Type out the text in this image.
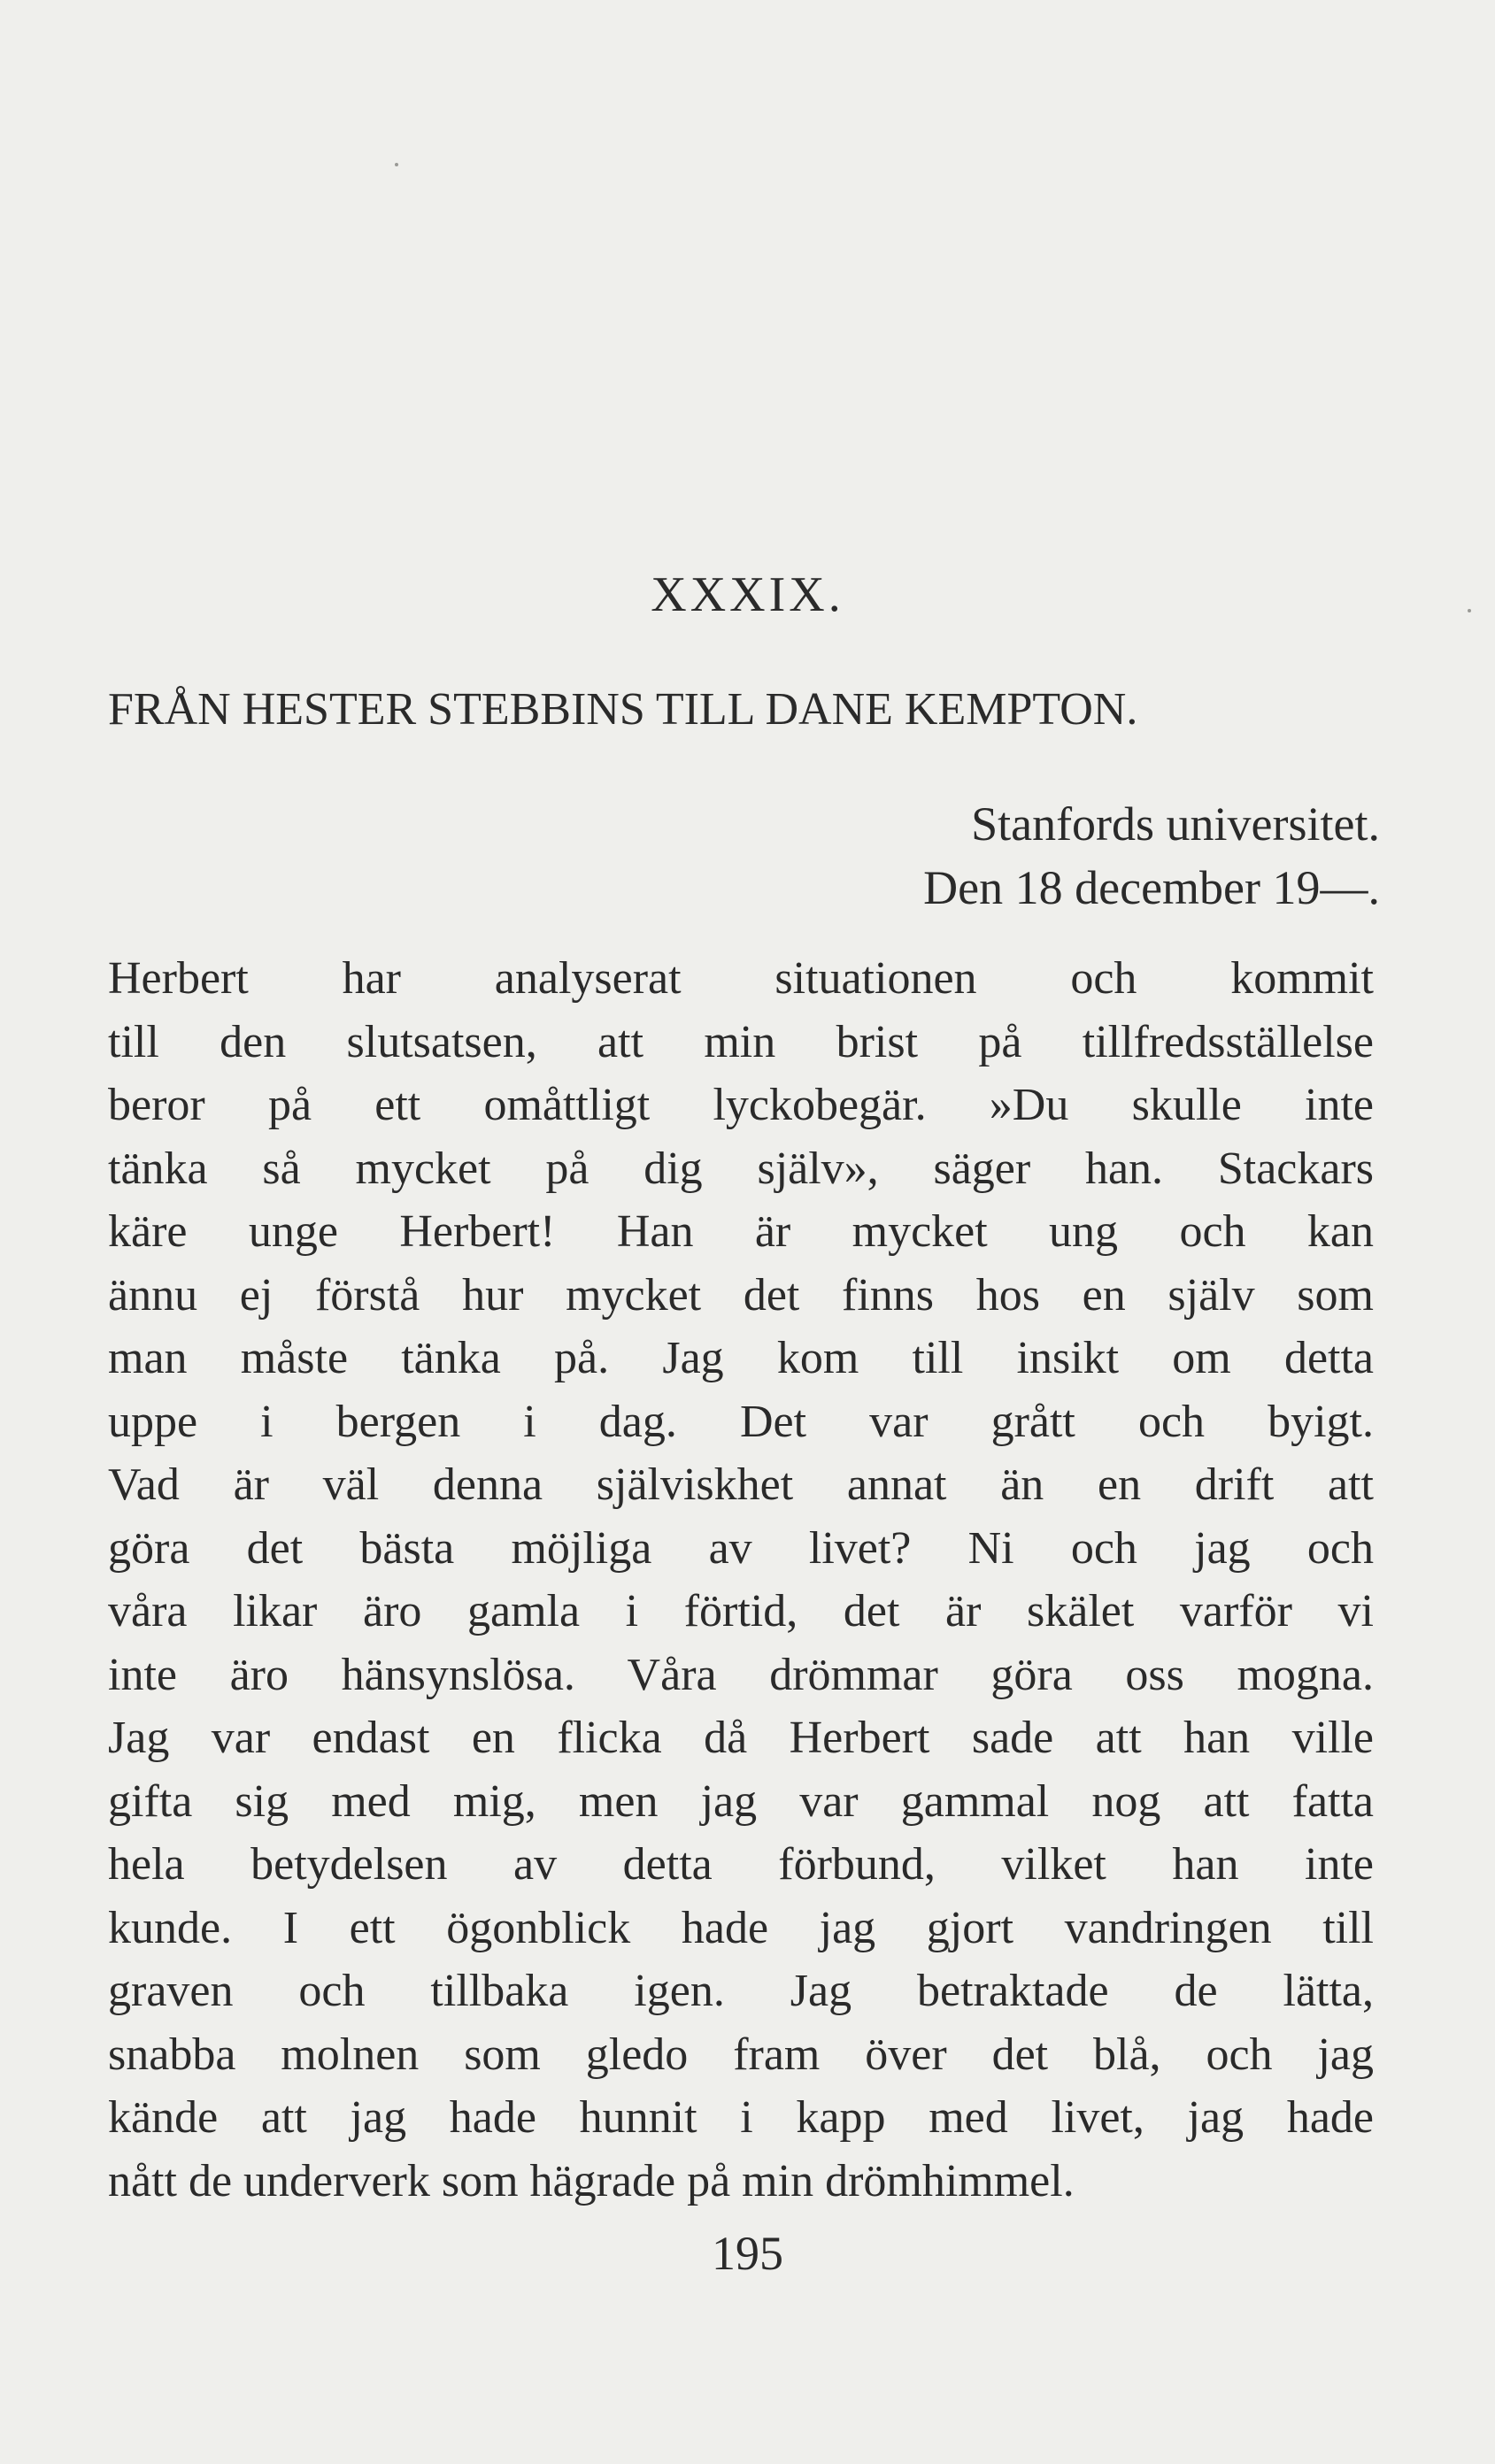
XXXIX.
FRÅN HESTER STEBBINS TILL DANE KEMPTON.
Stanfords universitet.
Den 18 december 19—.
Herbert har analyserat situationen och kommit
till den slutsatsen, att min brist på tillfredsställelse
beror på ett omåttligt lyckobegär. »Du skulle inte
tänka så mycket på dig själv», säger han. Stackars
käre unge Herbert! Han är mycket ung och kan
ännu ej förstå hur mycket det finns hos en själv som
man måste tänka på. Jag kom till insikt om detta
uppe i bergen i dag. Det var grått och byigt.
Vad är väl denna själviskhet annat än en drift att
göra det bästa möjliga av livet? Ni och jag och
våra likar äro gamla i förtid, det är skälet varför vi
inte äro hänsynslösa. Våra drömmar göra oss mogna.
Jag var endast en flicka då Herbert sade att han ville
gifta sig med mig, men jag var gammal nog att fatta
hela betydelsen av detta förbund, vilket han inte
kunde. I ett ögonblick hade jag gjort vandringen till
graven och tillbaka igen. Jag betraktade de lätta,
snabba molnen som gledo fram över det blå, och jag
kände att jag hade hunnit i kapp med livet, jag hade
nått de underverk som hägrade på min drömhimmel.
195
